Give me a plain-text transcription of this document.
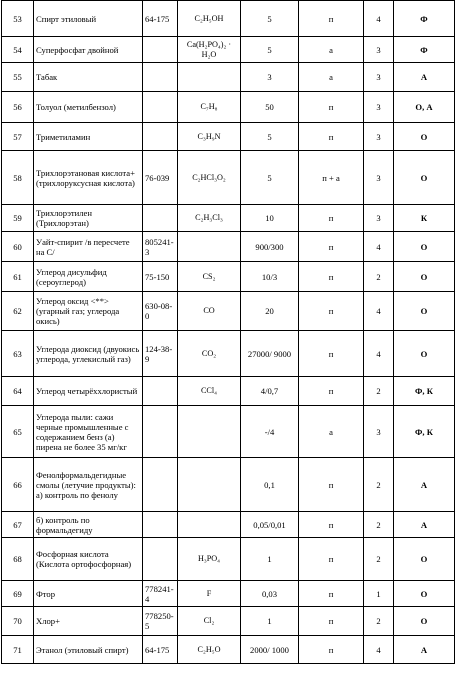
53	Спирт этиловый	64-175	C₂H₅OH	5	п	4	Ф
54	Суперфосфат двойной		Ca(H₂PO₄)₂ · H₂O	5	а	3	Ф
55	Табак			3	а	3	А
56	Толуол (метилбензол)		C₇H₈	50	п	3	О, А
57	Триметиламин		C₃H₉N	5	п	3	О
58	Трихлорэтановая кислота+ (трихлоруксусная кислота)	76-039	C₂HCl₃O₂	5	п + а	3	О
59	Трихлорэтилен (Трихлорэтан)		C₂H₃Cl₃	10	п	3	К
60	Уайт-спирит /в пересчете на С/	805241-3		900/300	п	4	О
61	Углерод дисульфид (сероуглерод)	75-150	CS₂	10/3	п	2	О
62	Углерод оксид <**> (угарный газ; углерода окись)	630-08-0	CO	20	п	4	О
63	Углерода диоксид (двуокись углерода, углекислый газ)	124-38-9	CO₂	27000/ 9000	п	4	О
64	Углерод четырёххлористый		CCl₄	4/0,7	п	2	Ф, К
65	Углерода пыли: сажи черные промышленные с содержанием бенз (а) пирена не более 35 мг/кг			-/4	а	3	Ф, К
66	Фенолформальдегидные смолы (летучие продукты): а) контроль по фенолу			0,1	п	2	А
67	б) контроль по формальдегиду			0,05/0,01	п	2	А
68	Фосфорная кислота (Кислота ортофосфорная)		H₃PO₄	1	п	2	О
69	Фтор	778241-4	F	0,03	п	1	О
70	Хлор+	778250-5	Cl₂	1	п	2	О
71	Этанол (этиловый спирт)	64-175	C₂H₅O	2000/ 1000	п	4	А
